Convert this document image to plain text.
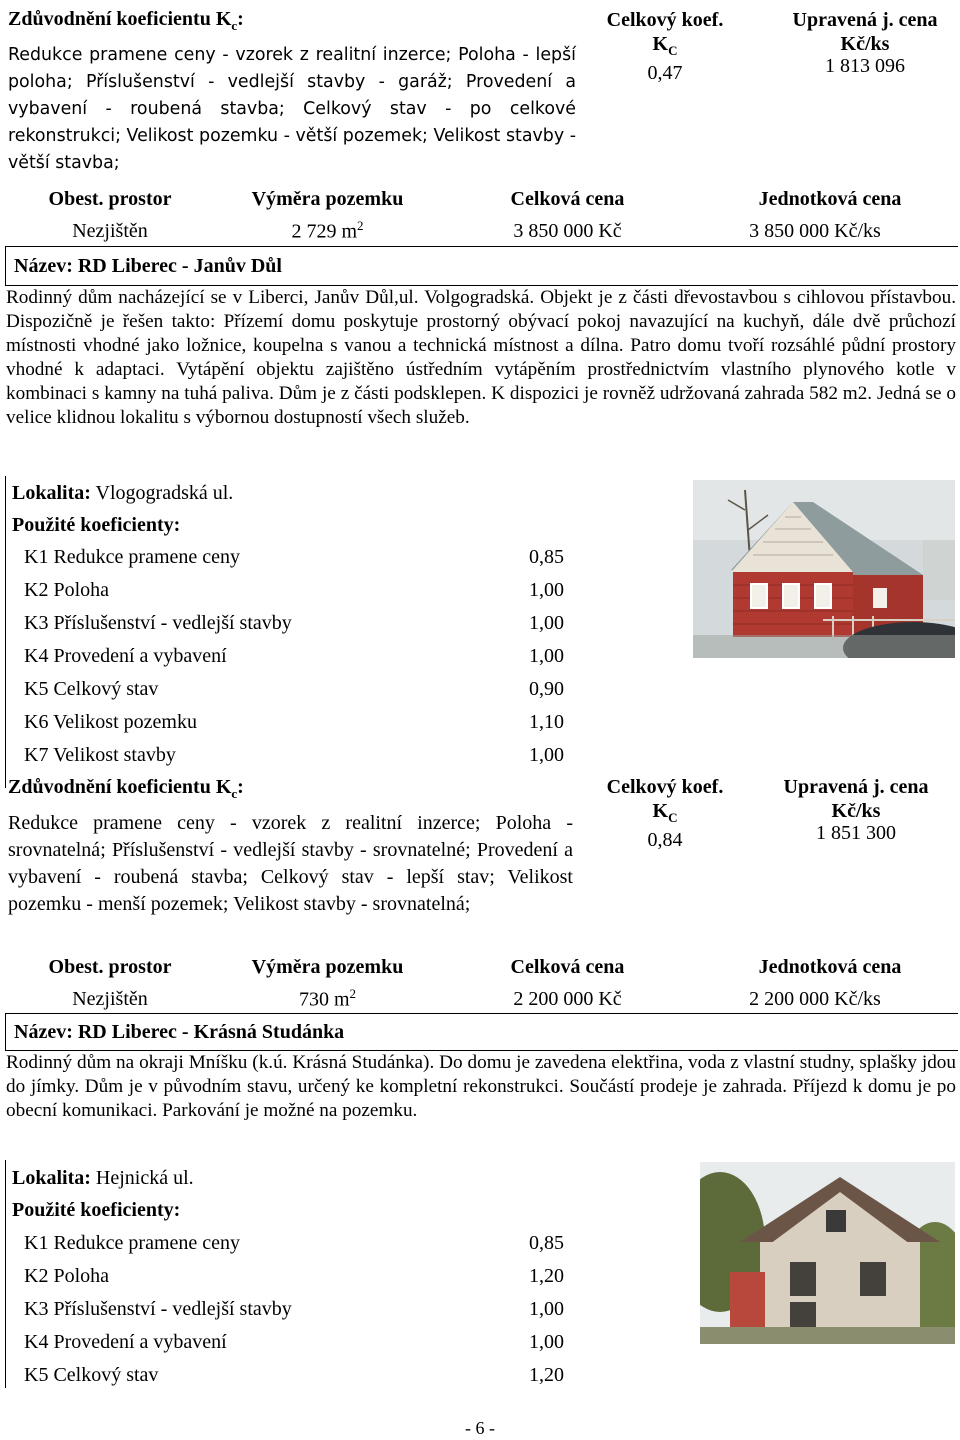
Zdůvodnění koeficientu $K_c$:
Redukce pramene ceny - vzorek z realitní inzerce; Poloha - lepší poloha; Příslušenství - vedlejší stavby - garáž; Provedení a vybavení - roubená stavba; Celkový stav - po celkové rekonstrukci; Velikost pozemku - větší pozemek; Velikost stavby - větší stavba;
Celkový koef.
$K_C$
0,47
Upravená j. cena
Kč/ks
1 813 096
Obest. prostor	Výměra pozemku	Celková cena	Jednotková cena
Nezjištěn	2 729 $m^2$	3 850 000 Kč	3 850 000 Kč/ks
Název: RD Liberec - Janův Důl
Rodinný dům nacházející se v Liberci, Janův Důl,ul. Volgogradská. Objekt je z části dřevostavbou s cihlovou přístavbou. Dispozičně je řešen takto: Přízemí domu poskytuje prostorný obývací pokoj navazující na kuchyň, dále dvě průchozí místnosti vhodné jako ložnice, koupelna s vanou a technická místnost a dílna. Patro domu tvoří rozsáhlé půdní prostory vhodné k adaptaci. Vytápění objektu zajištěno ústředním vytápěním prostřednictvím vlastního plynového kotle v kombinaci s kamny na tuhá paliva. Dům je z části podsklepen. K dispozici je rovněž udržovaná zahrada 582 m2. Jedná se o velice klidnou lokalitu s výbornou dostupností všech služeb.
Lokalita: Vlogogradská ul.
Použité koeficienty:
K1 Redukce pramene ceny	0,85
K2 Poloha	1,00
K3 Příslušenství - vedlejší stavby	1,00
K4 Provedení a vybavení	1,00
K5 Celkový stav	0,90
K6 Velikost pozemku	1,10
K7 Velikost stavby	1,00
Zdůvodnění koeficientu $K_c$:
Redukce pramene ceny - vzorek z realitní inzerce; Poloha - srovnatelná; Příslušenství - vedlejší stavby - srovnatelné; Provedení a vybavení - roubená stavba; Celkový stav - lepší stav; Velikost pozemku - menší pozemek; Velikost stavby - srovnatelná;
Celkový koef.
$K_C$
0,84
Upravená j. cena
Kč/ks
1 851 300
Obest. prostor	Výměra pozemku	Celková cena	Jednotková cena
Nezjištěn	730 $m^2$	2 200 000 Kč	2 200 000 Kč/ks
Název: RD Liberec - Krásná Studánka
Rodinný dům na okraji Mníšku (k.ú. Krásná Studánka). Do domu je zavedena elektřina, voda z vlastní studny, splašky jdou do jímky. Dům je v původním stavu, určený ke kompletní rekonstrukci. Součástí prodeje je zahrada. Příjezd k domu je po obecní komunikaci. Parkování je možné na pozemku.
Lokalita: Hejnická ul.
Použité koeficienty:
K1 Redukce pramene ceny	0,85
K2 Poloha	1,20
K3 Příslušenství - vedlejší stavby	1,00
K4 Provedení a vybavení	1,00
K5 Celkový stav	1,20
- 6 -
